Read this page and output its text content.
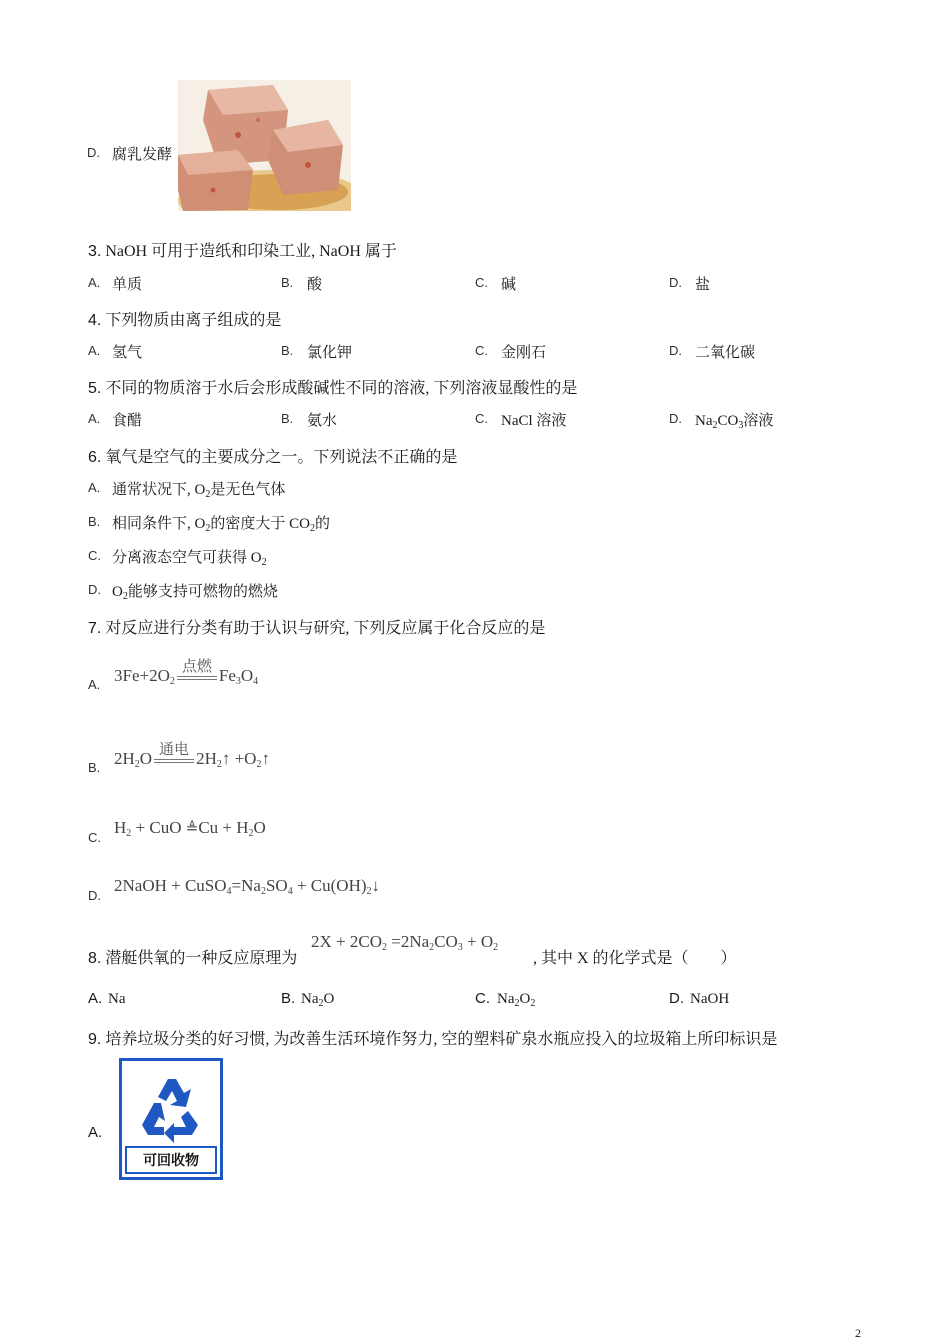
D. 腐乳发酵
3. NaOH 可用于造纸和印染工业, NaOH 属于
A. 单质	B. 酸	C. 碱	D. 盐
4. 下列物质由离子组成的是
A. 氢气	B. 氯化钾	C. 金刚石	D. 二氧化碳
5. 不同的物质溶于水后会形成酸碱性不同的溶液, 下列溶液显酸性的是
A. 食醋	B. 氨水	C. NaCl 溶液	D. $Na_2CO_3$溶液
6. 氧气是空气的主要成分之一。下列说法不正确的是
A. 通常状况下, $O_2$是无色气体
B. 相同条件下, $O_2$的密度大于 $CO_2$的
C. 分离液态空气可获得 $O_2$
D. $O_2$能够支持可燃物的燃烧
7. 对反应进行分类有助于认识与研究, 下列反应属于化合反应的是
A. $3Fe+2O_2$
点燃 $Fe_3O_4$
B. $2H_2O$ 通电 $2H_2↑$ $+O_2↑$
C.
$H_2$ + CuO ≜Cu + $H_2O$
D.
2NaOH + $CuSO_4=Na_2SO_4$ + $Cu(OH)_2↓$
8. 潜艇供氧的一种反应原理为
$2X + 2CO_2 =2Na_2CO_3 + O_2$
, 其中 X 的化学式是（　　）
A. Na	B. $Na_2O$	C. $Na_2O_2$	D. NaOH
9. 培养垃圾分类的好习惯, 为改善生活环境作努力, 空的塑料矿泉水瓶应投入的垃圾箱上所印标识是
A.
可回收物
2
